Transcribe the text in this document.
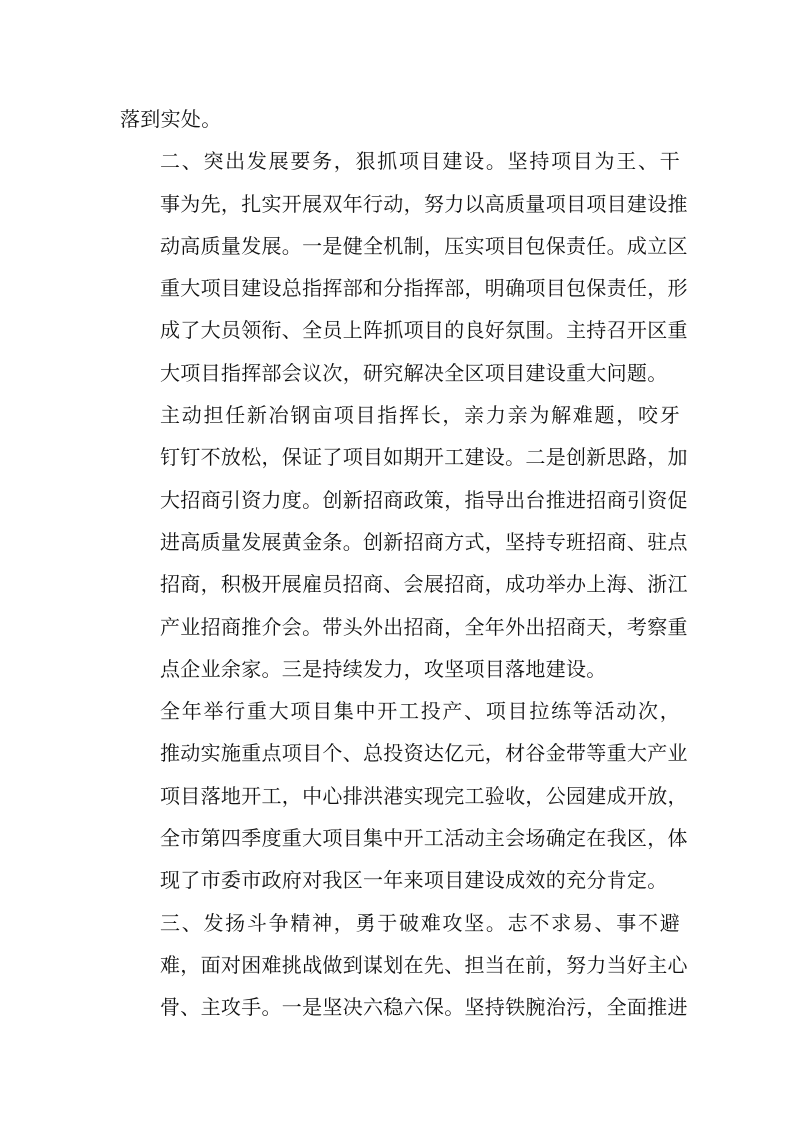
落到实处。

二、突出发展要务，狠抓项目建设。坚持项目为王、干
事为先，扎实开展双年行动，努力以高质量项目项目建设推
动高质量发展。一是健全机制，压实项目包保责任。成立区
重大项目建设总指挥部和分指挥部，明确项目包保责任，形
成了大员领衔、全员上阵抓项目的良好氛围。主持召开区重
大项目指挥部会议次，研究解决全区项目建设重大问题。

主动担任新冶钢亩项目指挥长，亲力亲为解难题，咬牙
钉钉不放松，保证了项目如期开工建设。二是创新思路，加
大招商引资力度。创新招商政策，指导出台推进招商引资促
进高质量发展黄金条。创新招商方式，坚持专班招商、驻点
招商，积极开展雇员招商、会展招商，成功举办上海、浙江
产业招商推介会。带头外出招商，全年外出招商天，考察重
点企业余家。三是持续发力，攻坚项目落地建设。

全年举行重大项目集中开工投产、项目拉练等活动次，
推动实施重点项目个、总投资达亿元，材谷金带等重大产业
项目落地开工，中心排洪港实现完工验收，公园建成开放，
全市第四季度重大项目集中开工活动主会场确定在我区，体
现了市委市政府对我区一年来项目建设成效的充分肯定。

三、发扬斗争精神，勇于破难攻坚。志不求易、事不避
难，面对困难挑战做到谋划在先、担当在前，努力当好主心
骨、主攻手。一是坚决六稳六保。坚持铁腕治污，全面推进
